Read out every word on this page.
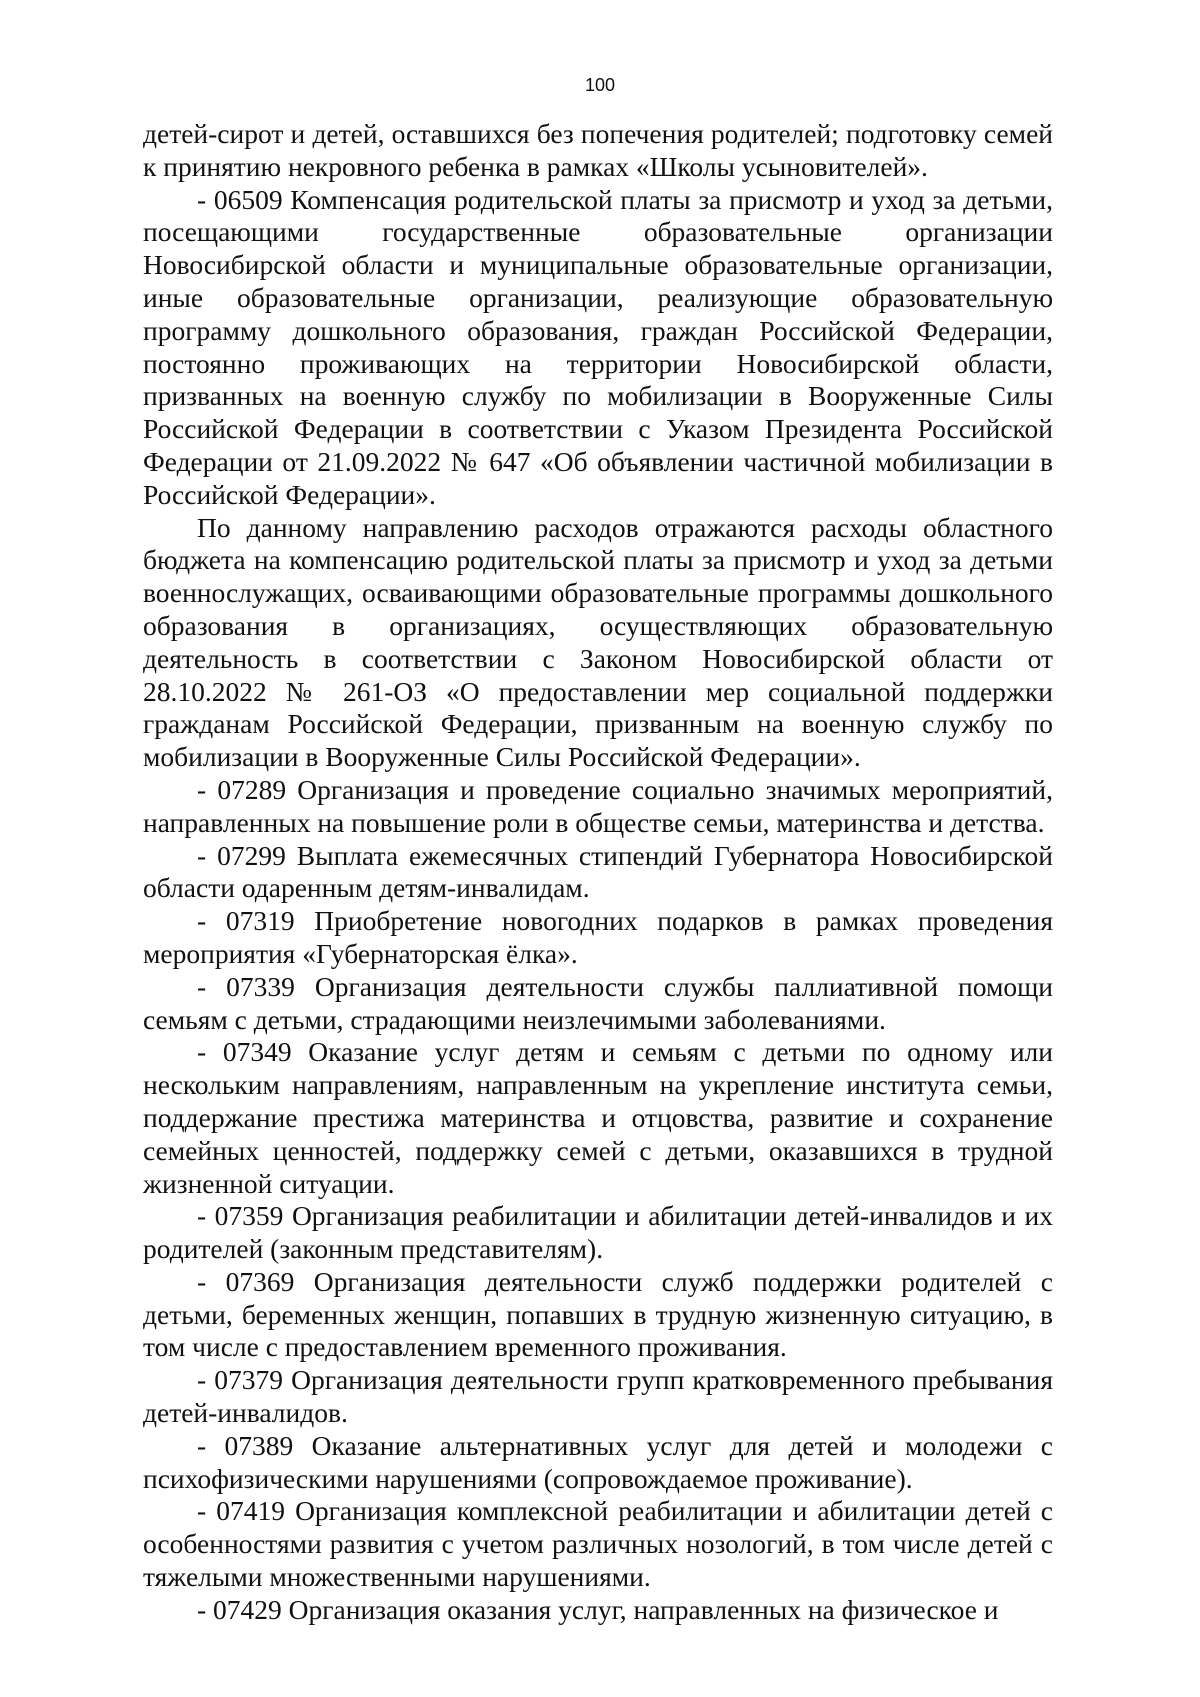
100

детей-сирот и детей, оставшихся без попечения родителей; подготовку семей к принятию некровного ребенка в рамках «Школы усыновителей».

- 06509 Компенсация родительской платы за присмотр и уход за детьми, посещающими государственные образовательные организации Новосибирской области и муниципальные образовательные организации, иные образовательные организации, реализующие образовательную программу дошкольного образования, граждан Российской Федерации, постоянно проживающих на территории Новосибирской области, призванных на военную службу по мобилизации в Вооруженные Силы Российской Федерации в соответствии с Указом Президента Российской Федерации от 21.09.2022 № 647 «Об объявлении частичной мобилизации в Российской Федерации».

По данному направлению расходов отражаются расходы областного бюджета на компенсацию родительской платы за присмотр и уход за детьми военнослужащих, осваивающими образовательные программы дошкольного образования в организациях, осуществляющих образовательную деятельность в соответствии с Законом Новосибирской области от 28.10.2022 № 261-ОЗ «О предоставлении мер социальной поддержки гражданам Российской Федерации, призванным на военную службу по мобилизации в Вооруженные Силы Российской Федерации».

- 07289 Организация и проведение социально значимых мероприятий, направленных на повышение роли в обществе семьи, материнства и детства.

- 07299 Выплата ежемесячных стипендий Губернатора Новосибирской области одаренным детям-инвалидам.

- 07319 Приобретение новогодних подарков в рамках проведения мероприятия «Губернаторская ёлка».

- 07339 Организация деятельности службы паллиативной помощи семьям с детьми, страдающими неизлечимыми заболеваниями.

- 07349 Оказание услуг детям и семьям с детьми по одному или нескольким направлениям, направленным на укрепление института семьи, поддержание престижа материнства и отцовства, развитие и сохранение семейных ценностей, поддержку семей с детьми, оказавшихся в трудной жизненной ситуации.

- 07359 Организация реабилитации и абилитации детей-инвалидов и их родителей (законным представителям).

- 07369 Организация деятельности служб поддержки родителей с детьми, беременных женщин, попавших в трудную жизненную ситуацию, в том числе с предоставлением временного проживания.

- 07379 Организация деятельности групп кратковременного пребывания детей-инвалидов.

- 07389 Оказание альтернативных услуг для детей и молодежи с психофизическими нарушениями (сопровождаемое проживание).

- 07419 Организация комплексной реабилитации и абилитации детей с особенностями развития с учетом различных нозологий, в том числе детей с тяжелыми множественными нарушениями.

- 07429 Организация оказания услуг, направленных на физическое и
